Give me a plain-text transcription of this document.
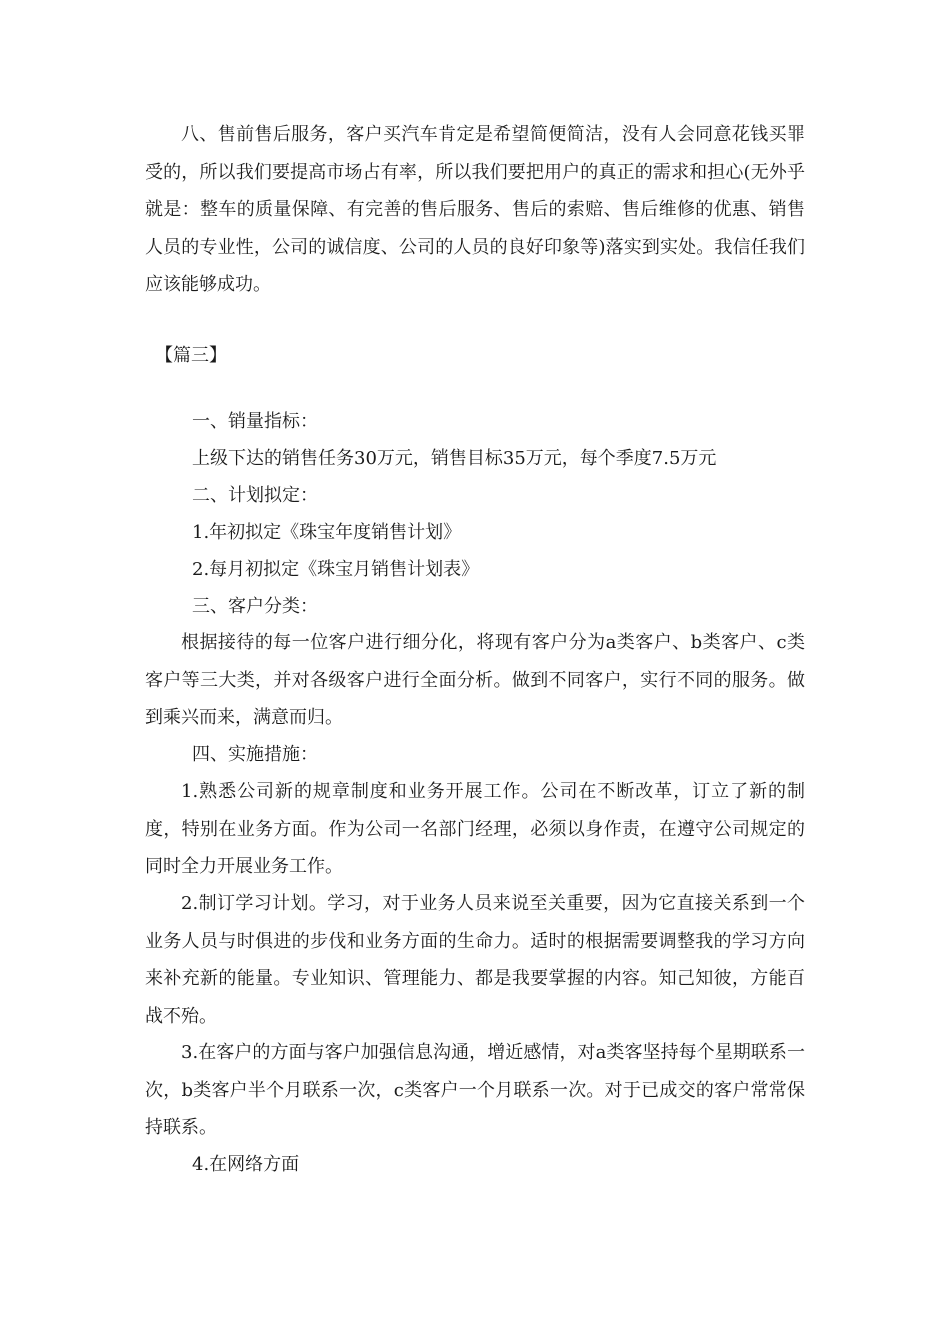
八、售前售后服务，客户买汽车肯定是希望简便简洁，没有人会同意花钱买罪受的，所以我们要提高市场占有率，所以我们要把用户的真正的需求和担心(无外乎就是：整车的质量保障、有完善的售后服务、售后的索赔、售后维修的优惠、销售人员的专业性，公司的诚信度、公司的人员的良好印象等)落实到实处。我信任我们应该能够成功。

【篇三】

一、销量指标：

上级下达的销售任务30万元，销售目标35万元，每个季度7.5万元

二、计划拟定：

1.年初拟定《珠宝年度销售计划》

2.每月初拟定《珠宝月销售计划表》

三、客户分类：

根据接待的每一位客户进行细分化，将现有客户分为a类客户、b类客户、c类客户等三大类，并对各级客户进行全面分析。做到不同客户，实行不同的服务。做到乘兴而来，满意而归。

四、实施措施：

1.熟悉公司新的规章制度和业务开展工作。公司在不断改革，订立了新的制度，特别在业务方面。作为公司一名部门经理，必须以身作责，在遵守公司规定的同时全力开展业务工作。

2.制订学习计划。学习，对于业务人员来说至关重要，因为它直接关系到一个业务人员与时俱进的步伐和业务方面的生命力。适时的根据需要调整我的学习方向来补充新的能量。专业知识、管理能力、都是我要掌握的内容。知己知彼，方能百战不殆。

3.在客户的方面与客户加强信息沟通，增近感情，对a类客坚持每个星期联系一次，b类客户半个月联系一次，c类客户一个月联系一次。对于已成交的客户常常保持联系。

4.在网络方面
